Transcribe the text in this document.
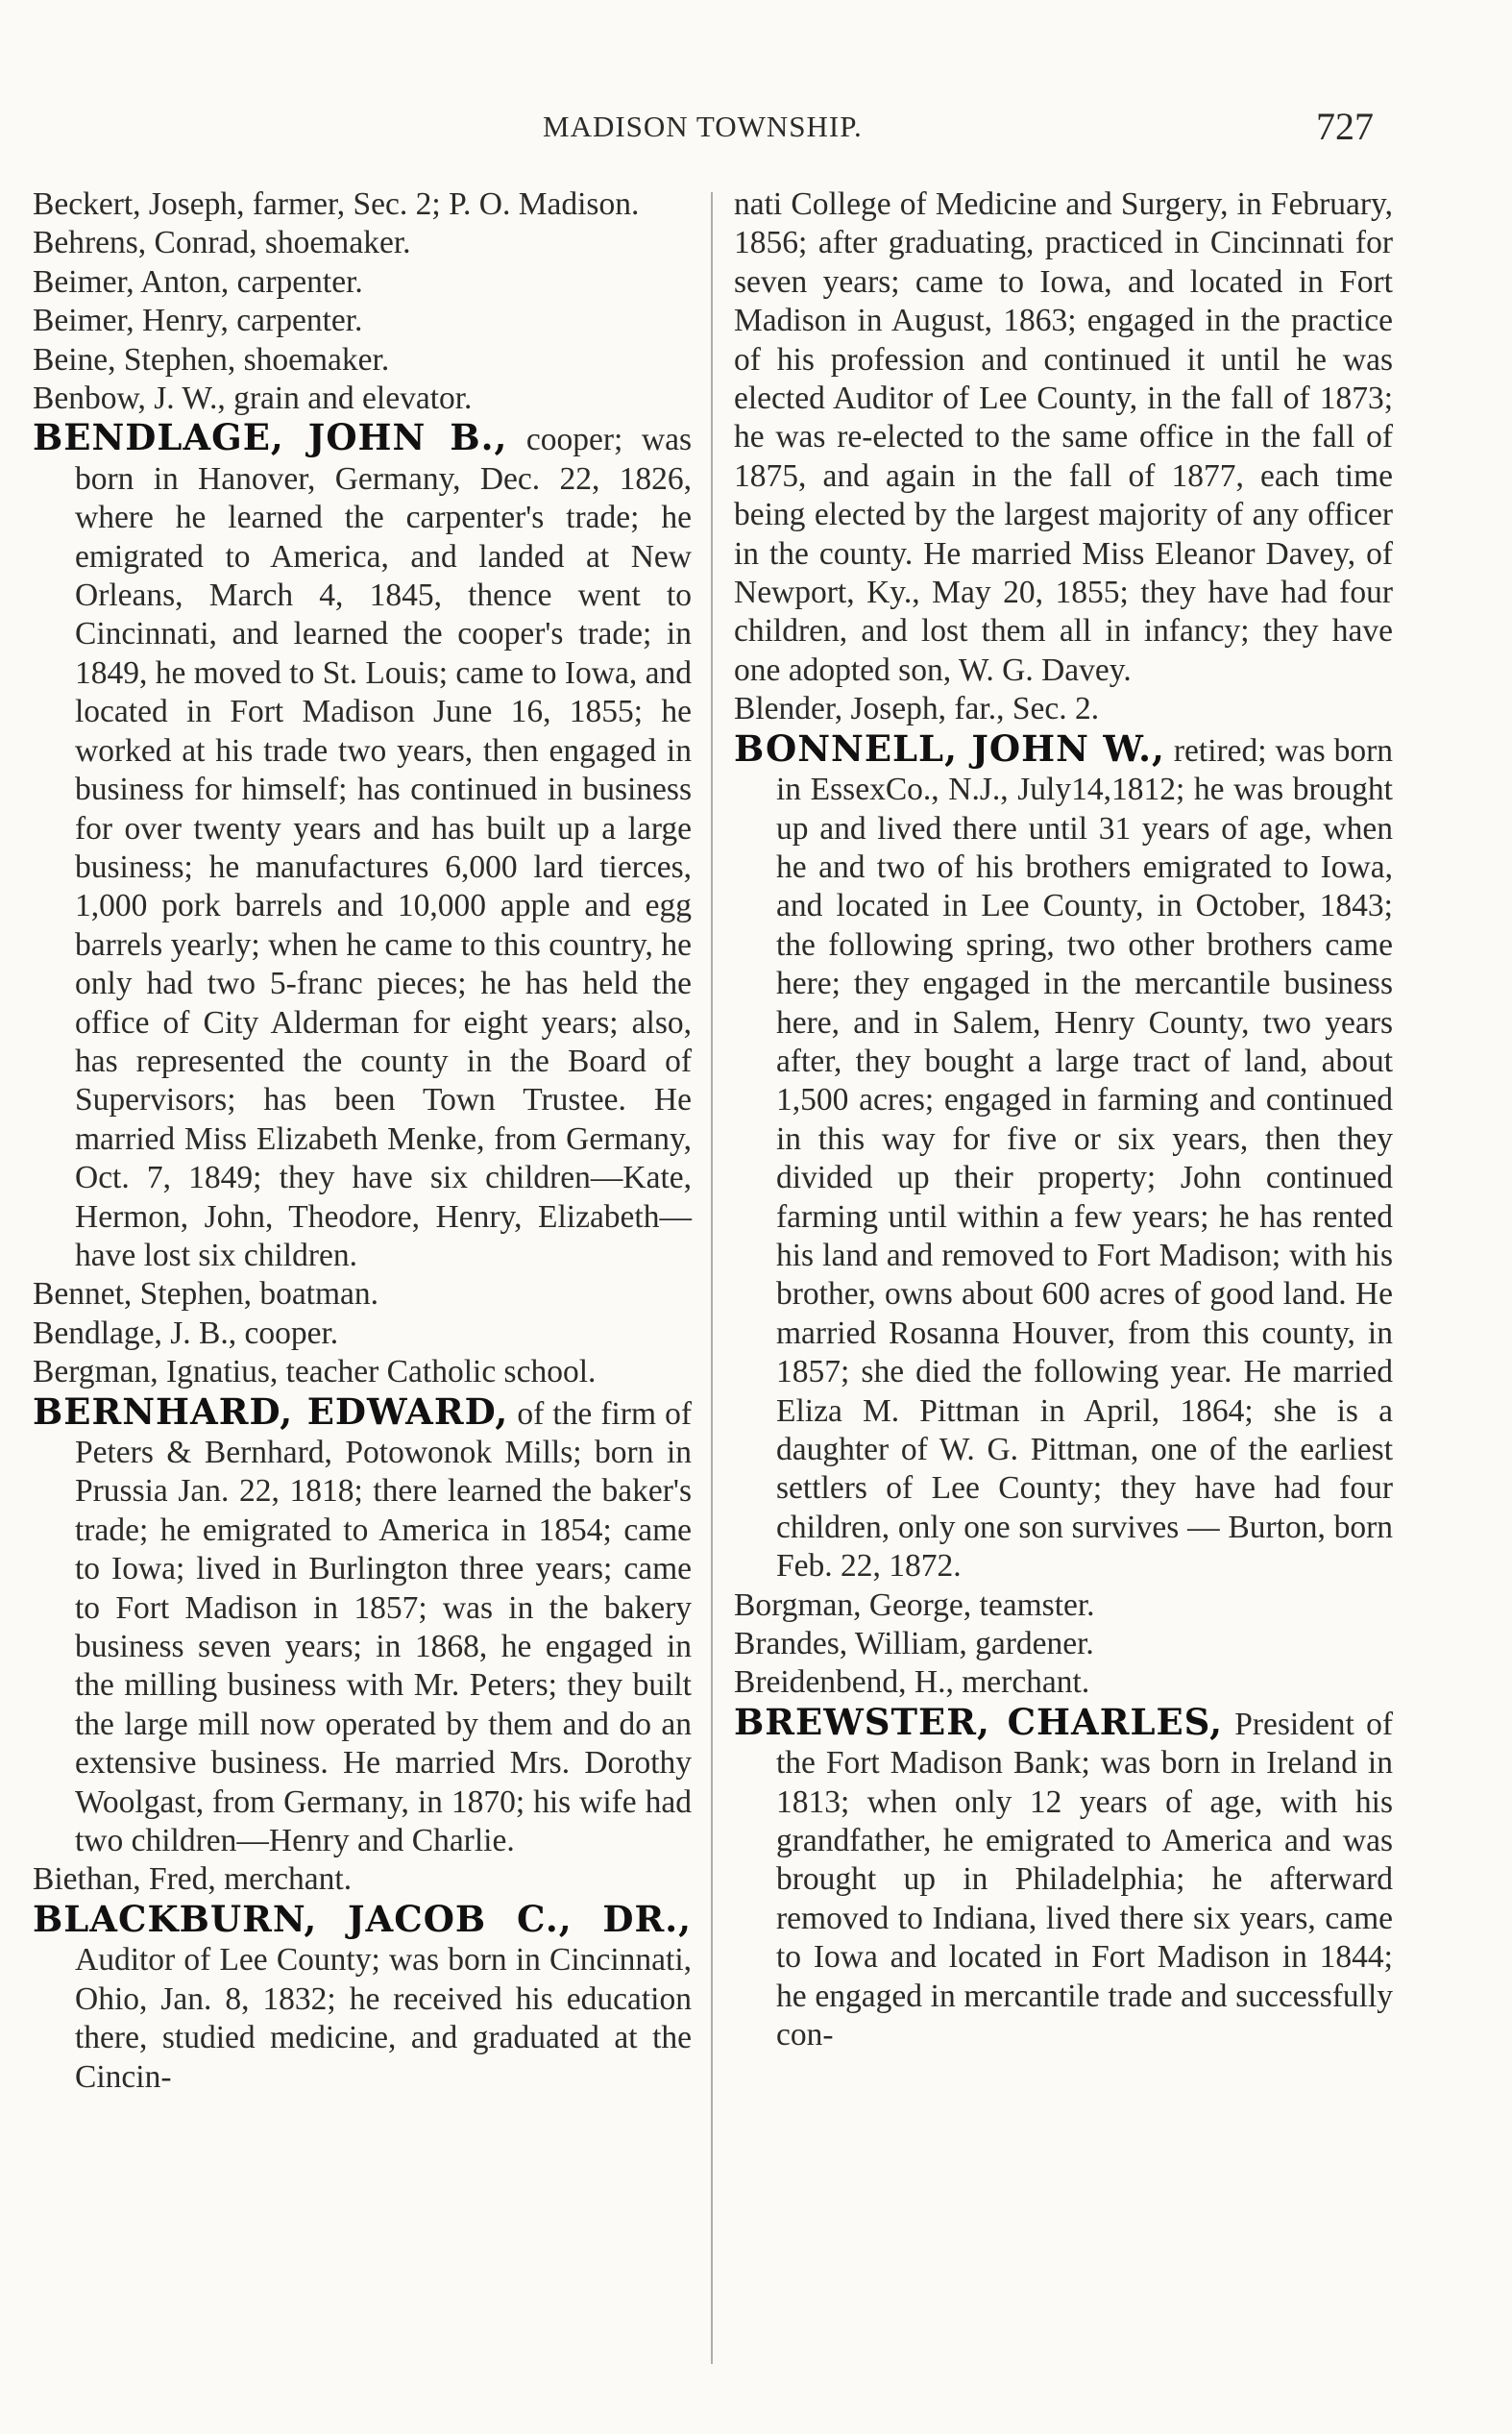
MADISON TOWNSHIP.	727

Beckert, Joseph, farmer, Sec. 2; P. O. Madison.

Behrens, Conrad, shoemaker.

Beimer, Anton, carpenter.

Beimer, Henry, carpenter.

Beine, Stephen, shoemaker.

Benbow, J. W., grain and elevator.

BENDLAGE, JOHN B., cooper; was born in Hanover, Germany, Dec. 22, 1826, where he learned the carpenter's trade; he emigrated to America, and landed at New Orleans, March 4, 1845, thence went to Cincinnati, and learned the cooper's trade; in 1849, he moved to St. Louis; came to Iowa, and located in Fort Madison June 16, 1855; he worked at his trade two years, then engaged in business for himself; has continued in business for over twenty years and has built up a large business; he manufactures 6,000 lard tierces, 1,000 pork barrels and 10,000 apple and egg barrels yearly; when he came to this country, he only had two 5-franc pieces; he has held the office of City Alderman for eight years; also, has represented the county in the Board of Supervisors; has been Town Trustee. He married Miss Elizabeth Menke, from Germany, Oct. 7, 1849; they have six children—Kate, Hermon, John, Theodore, Henry, Elizabeth—have lost six children.

Bennet, Stephen, boatman.

Bendlage, J. B., cooper.

Bergman, Ignatius, teacher Catholic school.

BERNHARD, EDWARD, of the firm of Peters & Bernhard, Potowonok Mills; born in Prussia Jan. 22, 1818; there learned the baker's trade; he emigrated to America in 1854; came to Iowa; lived in Burlington three years; came to Fort Madison in 1857; was in the bakery business seven years; in 1868, he engaged in the milling business with Mr. Peters; they built the large mill now operated by them and do an extensive business. He married Mrs. Dorothy Woolgast, from Germany, in 1870; his wife had two children—Henry and Charlie.

Biethan, Fred, merchant.

BLACKBURN, JACOB C., DR., Auditor of Lee County; was born in Cincinnati, Ohio, Jan. 8, 1832; he received his education there, studied medicine, and graduated at the Cincin-

nati College of Medicine and Surgery, in February, 1856; after graduating, practiced in Cincinnati for seven years; came to Iowa, and located in Fort Madison in August, 1863; engaged in the practice of his profession and continued it until he was elected Auditor of Lee County, in the fall of 1873; he was re-elected to the same office in the fall of 1875, and again in the fall of 1877, each time being elected by the largest majority of any officer in the county. He married Miss Eleanor Davey, of Newport, Ky., May 20, 1855; they have had four children, and lost them all in infancy; they have one adopted son, W. G. Davey.

Blender, Joseph, far., Sec. 2.

BONNELL, JOHN W., retired; was born in EssexCo., N.J., July14,1812; he was brought up and lived there until 31 years of age, when he and two of his brothers emigrated to Iowa, and located in Lee County, in October, 1843; the following spring, two other brothers came here; they engaged in the mercantile business here, and in Salem, Henry County, two years after, they bought a large tract of land, about 1,500 acres; engaged in farming and continued in this way for five or six years, then they divided up their property; John continued farming until within a few years; he has rented his land and removed to Fort Madison; with his brother, owns about 600 acres of good land. He married Rosanna Houver, from this county, in 1857; she died the following year. He married Eliza M. Pittman in April, 1864; she is a daughter of W. G. Pittman, one of the earliest settlers of Lee County; they have had four children, only one son survives — Burton, born Feb. 22, 1872.

Borgman, George, teamster.

Brandes, William, gardener.

Breidenbend, H., merchant.

BREWSTER, CHARLES, President of the Fort Madison Bank; was born in Ireland in 1813; when only 12 years of age, with his grandfather, he emigrated to America and was brought up in Philadelphia; he afterward removed to Indiana, lived there six years, came to Iowa and located in Fort Madison in 1844; he engaged in mercantile trade and successfully con-
